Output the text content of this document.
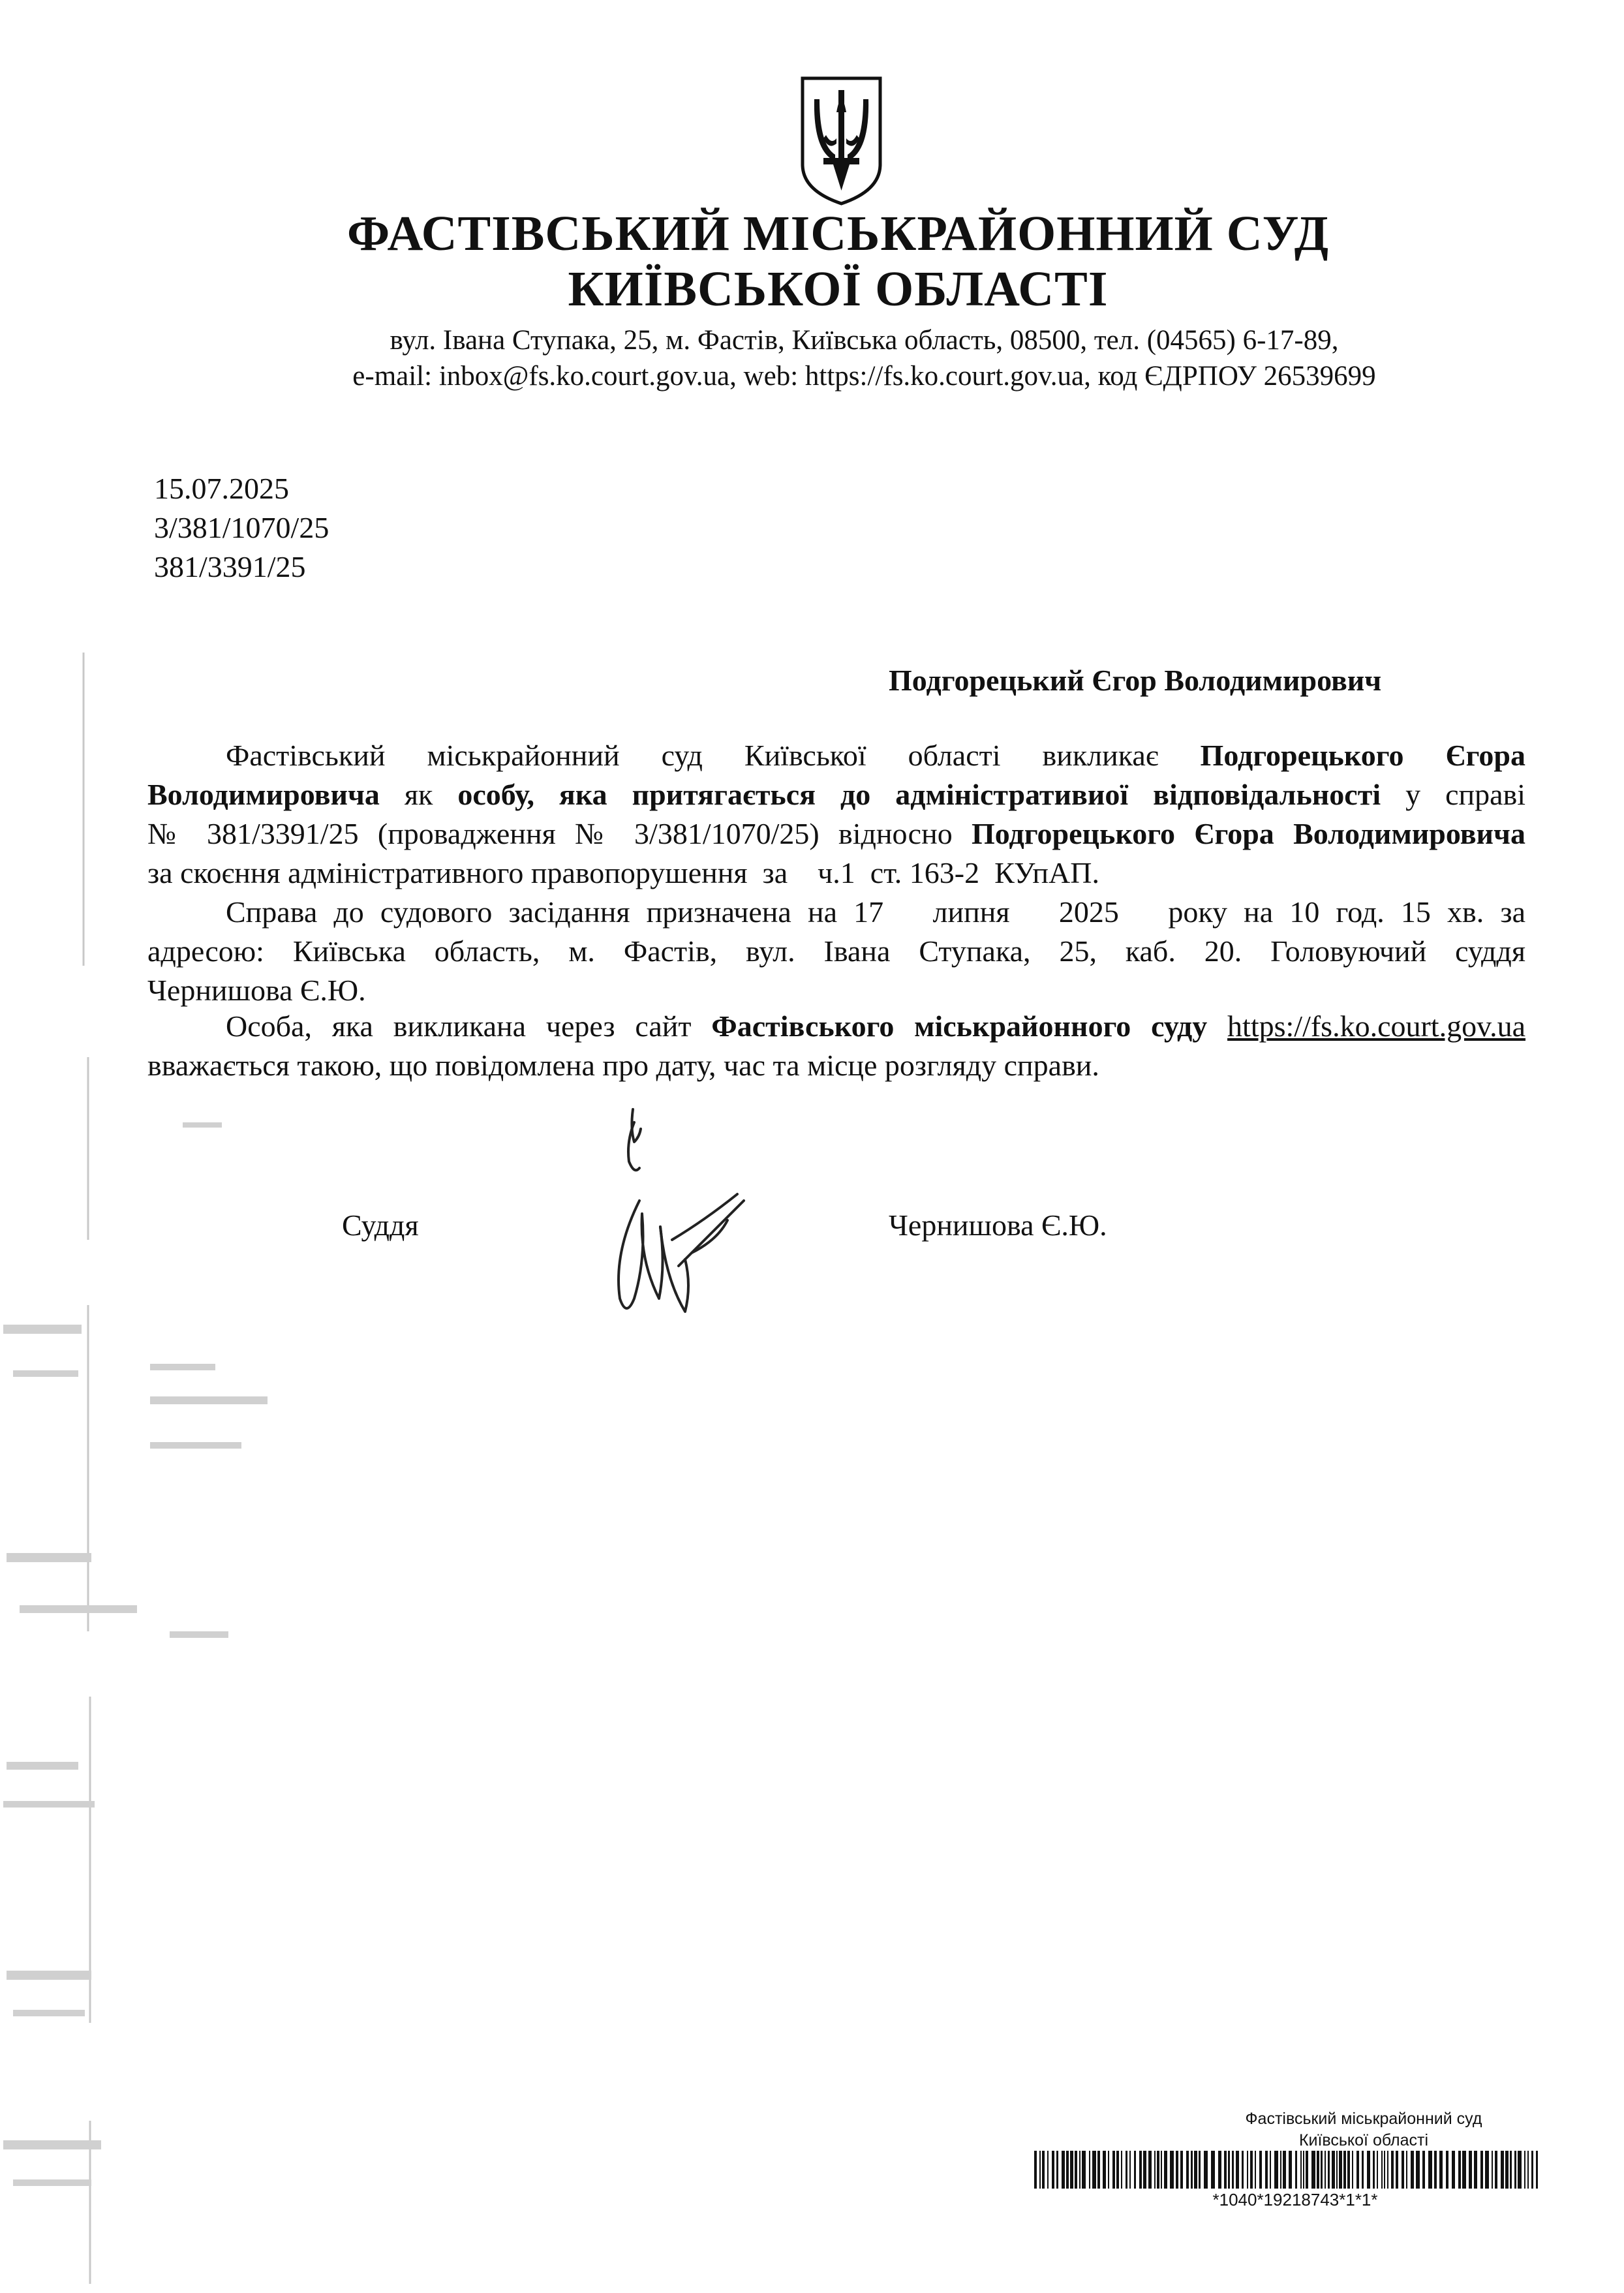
ФАСТІВСЬКИЙ МІСЬКРАЙОННИЙ СУД
КИЇВСЬКОЇ ОБЛАСТІ
вул. Івана Ступака, 25, м. Фастів, Київська область, 08500, тел. (04565) 6-17-89,
e-mail: inbox@fs.ko.court.gov.ua, web: https://fs.ko.court.gov.ua, код ЄДРПОУ 26539699
15.07.2025
3/381/1070/25
381/3391/25
Подгорецький Єгор Володимирович
Фастівський міськрайонний суд Київської області викликає Подгорецького Єгора
Володимировича як особу, яка притягається до адміністративиої відповідальності у справі
№ 381/3391/25 (провадження № 3/381/1070/25) відносно Подгорецького Єгора Володимировича
за скоєння адміністративного правопорушення  за    ч.1  ст. 163-2  КУпАП.
Справа до судового засідання призначена на 17   липня   2025   року на 10 год. 15 хв. за
адресою: Київська область, м. Фастів, вул. Івана Ступака, 25, каб. 20. Головуючий суддя
Чернишова Є.Ю.
Особа, яка викликана через сайт Фастівського міськрайонного суду https://fs.ko.court.gov.ua
вважається такою, що повідомлена про дату, час та місце розгляду справи.
Суддя	Чернишова Є.Ю.
Фастівський міськрайонний суд
Київської області
*1040*19218743*1*1*
